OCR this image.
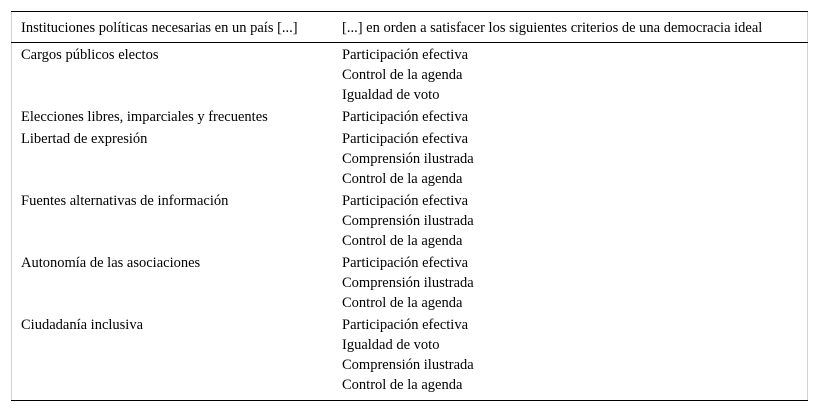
Instituciones políticas necesarias en un país [...]	[...] en orden a satisfacer los siguientes criterios de una democracia ideal
Cargos públicos electos	Participación efectiva
Control de la agenda
Igualdad de voto
Elecciones libres, imparciales y frecuentes	Participación efectiva
Libertad de expresión	Participación efectiva
Comprensión ilustrada
Control de la agenda
Fuentes alternativas de información	Participación efectiva
Comprensión ilustrada
Control de la agenda
Autonomía de las asociaciones	Participación efectiva
Comprensión ilustrada
Control de la agenda
Ciudadanía inclusiva	Participación efectiva
Igualdad de voto
Comprensión ilustrada
Control de la agenda
